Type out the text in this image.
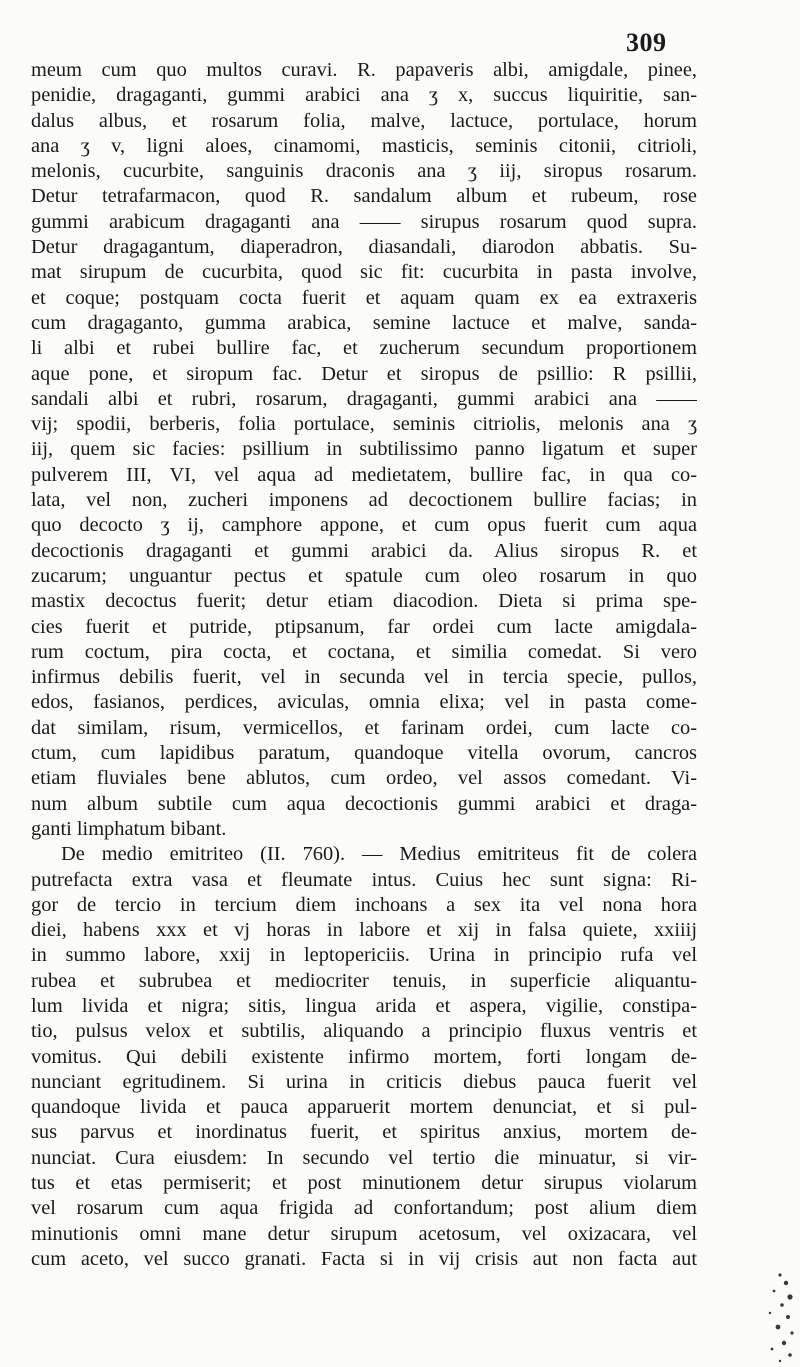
309
meum cum quo multos curavi. R. papaveris albi, amigdale, pinee,
penidie, dragaganti, gummi arabici ana ʒ x, succus liquiritie, san-
dalus albus, et rosarum folia, malve, lactuce, portulace, horum
ana ʒ v, ligni aloes, cinamomi, masticis, seminis citonii, citrioli,
melonis, cucurbite, sanguinis draconis ana ʒ iij, siropus rosarum.
Detur tetrafarmacon, quod R. sandalum album et rubeum, rose
gummi arabicum dragaganti ana —— sirupus rosarum quod supra.
Detur dragagantum, diaperadron, diasandali, diarodon abbatis. Su-
mat sirupum de cucurbita, quod sic fit: cucurbita in pasta involve,
et coque; postquam cocta fuerit et aquam quam ex ea extraxeris
cum dragaganto, gumma arabica, semine lactuce et malve, sanda-
li albi et rubei bullire fac, et zucherum secundum proportionem
aque pone, et siropum fac. Detur et siropus de psillio: R psillii,
sandali albi et rubri, rosarum, dragaganti, gummi arabici ana ——
vij; spodii, berberis, folia portulace, seminis citriolis, melonis ana ʒ
iij, quem sic facies: psillium in subtilissimo panno ligatum et super
pulverem III, VI, vel aqua ad medietatem, bullire fac, in qua co-
lata, vel non, zucheri imponens ad decoctionem bullire facias; in
quo decocto ʒ ij, camphore appone, et cum opus fuerit cum aqua
decoctionis dragaganti et gummi arabici da. Alius siropus R. et
zucarum; unguantur pectus et spatule cum oleo rosarum in quo
mastix decoctus fuerit; detur etiam diacodion. Dieta si prima spe-
cies fuerit et putride, ptipsanum, far ordei cum lacte amigdala-
rum coctum, pira cocta, et coctana, et similia comedat. Si vero
infirmus debilis fuerit, vel in secunda vel in tercia specie, pullos,
edos, fasianos, perdices, aviculas, omnia elixa; vel in pasta come-
dat similam, risum, vermicellos, et farinam ordei, cum lacte co-
ctum, cum lapidibus paratum, quandoque vitella ovorum, cancros
etiam fluviales bene ablutos, cum ordeo, vel assos comedant. Vi-
num album subtile cum aqua decoctionis gummi arabici et draga-
ganti limphatum bibant.
De medio emitriteo (II. 760). — Medius emitriteus fit de colera
putrefacta extra vasa et fleumate intus. Cuius hec sunt signa: Ri-
gor de tercio in tercium diem inchoans a sex ita vel nona hora
diei, habens xxx et vj horas in labore et xij in falsa quiete, xxiiij
in summo labore, xxij in leptopericiis. Urina in principio rufa vel
rubea et subrubea et mediocriter tenuis, in superficie aliquantu-
lum livida et nigra; sitis, lingua arida et aspera, vigilie, constipa-
tio, pulsus velox et subtilis, aliquando a principio fluxus ventris et
vomitus. Qui debili existente infirmo mortem, forti longam de-
nunciant egritudinem. Si urina in criticis diebus pauca fuerit vel
quandoque livida et pauca apparuerit mortem denunciat, et si pul-
sus parvus et inordinatus fuerit, et spiritus anxius, mortem de-
nunciat. Cura eiusdem: In secundo vel tertio die minuatur, si vir-
tus et etas permiserit; et post minutionem detur sirupus violarum
vel rosarum cum aqua frigida ad confortandum; post alium diem
minutionis omni mane detur sirupum acetosum, vel oxizacara, vel
cum aceto, vel succo granati. Facta si in vij crisis aut non facta aut
